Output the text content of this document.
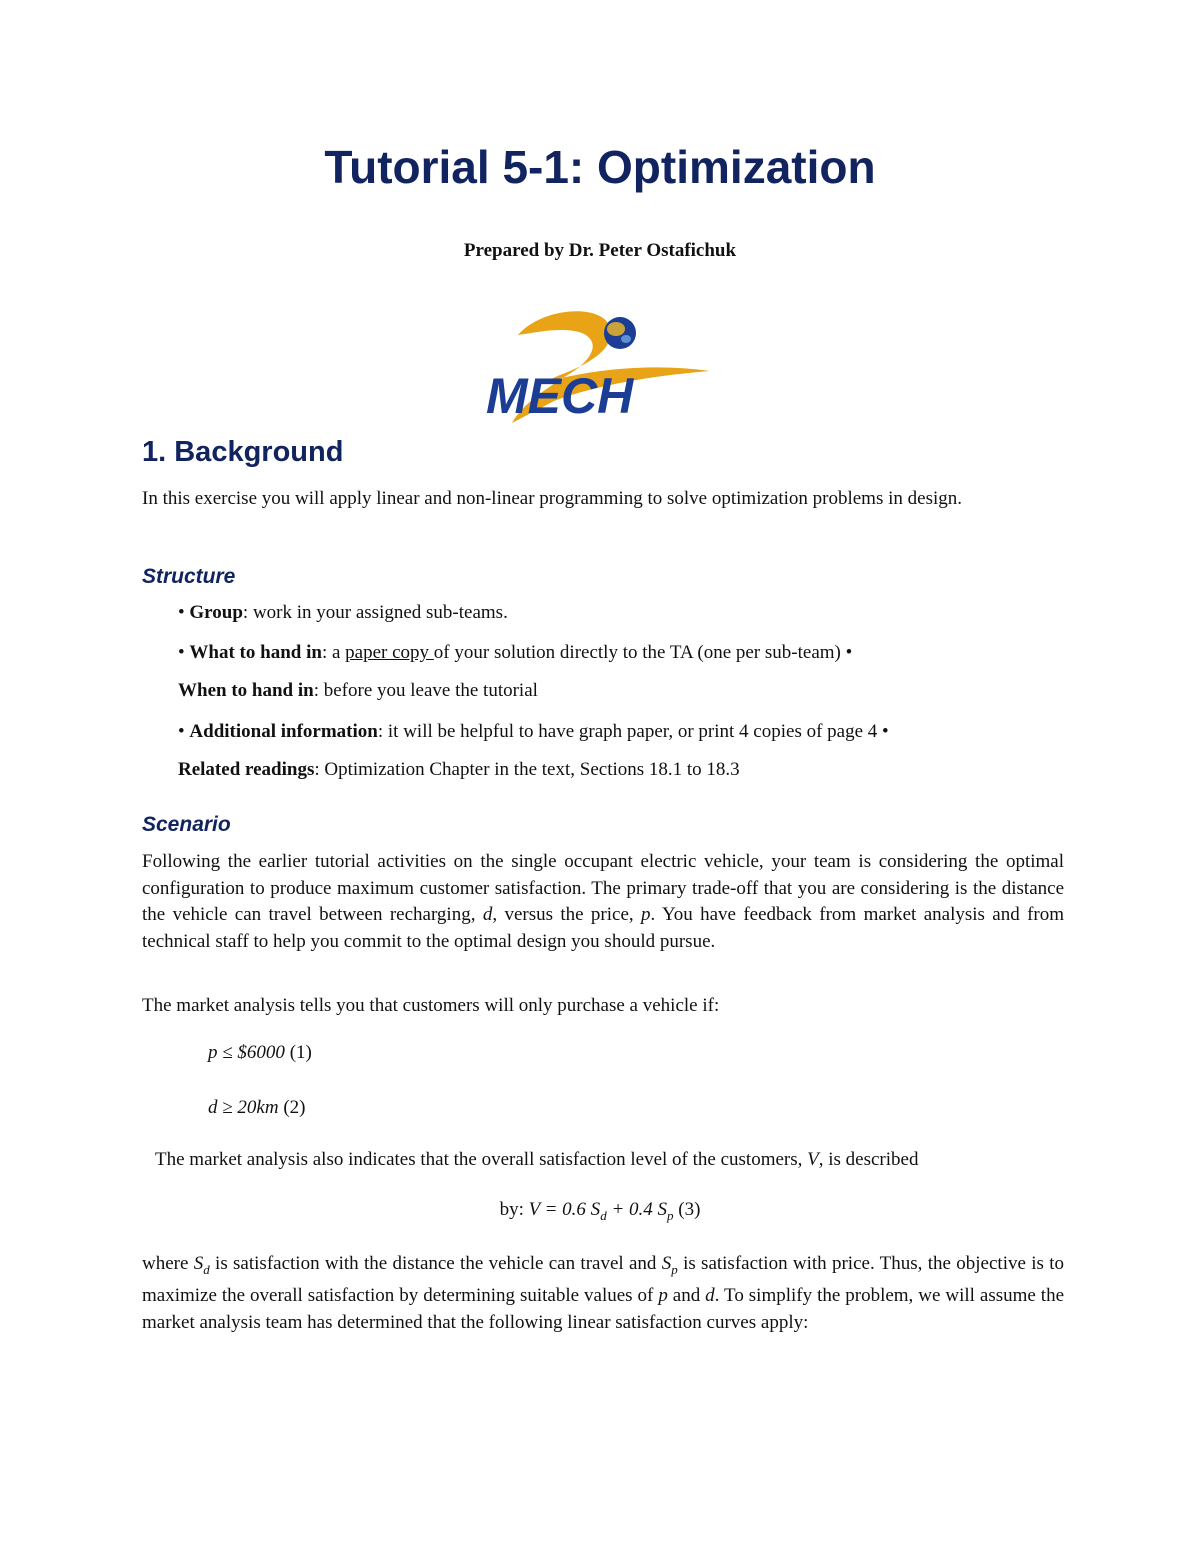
Tutorial 5-1: Optimization

Prepared by Dr. Peter Ostafichuk

MECH
1. Background

In this exercise you will apply linear and non-linear programming to solve optimization problems in design.

Structure

• Group: work in your assigned sub-teams.

• What to hand in: a paper copy of your solution directly to the TA (one per sub-team) •

When to hand in: before you leave the tutorial

• Additional information: it will be helpful to have graph paper, or print 4 copies of page 4 •

Related readings: Optimization Chapter in the text, Sections 18.1 to 18.3

Scenario

Following the earlier tutorial activities on the single occupant electric vehicle, your team is considering the optimal configuration to produce maximum customer satisfaction. The primary trade-off that you are considering is the distance the vehicle can travel between recharging, d, versus the price, p. You have feedback from market analysis and from technical staff to help you commit to the optimal design you should pursue.

The market analysis tells you that customers will only purchase a vehicle if:

p ≤ $6000 (1)

d ≥ 20km (2)

The market analysis also indicates that the overall satisfaction level of the customers, V, is described

by: V = 0.6 $S_d + 0.4$ $S_p$ (3)

where $S_d$ is satisfaction with the distance the vehicle can travel and $S_p$ is satisfaction with price. Thus, the objective is to maximize the overall satisfaction by determining suitable values of p and d. To simplify the problem, we will assume the market analysis team has determined that the following linear satisfaction curves apply:
